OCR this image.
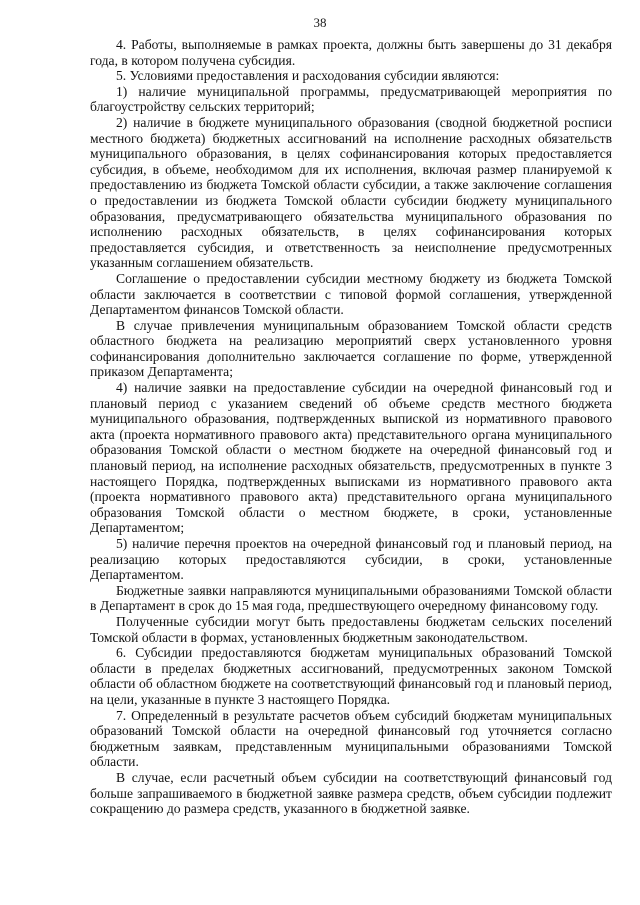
38

4. Работы, выполняемые в рамках проекта, должны быть завершены до 31 декабря года, в котором получена субсидия.

5. Условиями предоставления и расходования субсидии являются:

1) наличие муниципальной программы, предусматривающей мероприятия по благоустройству сельских территорий;

2) наличие в бюджете муниципального образования (сводной бюджетной росписи местного бюджета) бюджетных ассигнований на исполнение расходных обязательств муниципального образования, в целях софинансирования которых предоставляется субсидия, в объеме, необходимом для их исполнения, включая размер планируемой к предоставлению из бюджета Томской области субсидии, а также заключение соглашения о предоставлении из бюджета Томской области субсидии бюджету муниципального образования, предусматривающего обязательства муниципального образования по исполнению расходных обязательств, в целях софинансирования которых предоставляется субсидия, и ответственность за неисполнение предусмотренных указанным соглашением обязательств.

Соглашение о предоставлении субсидии местному бюджету из бюджета Томской области заключается в соответствии с типовой формой соглашения, утвержденной Департаментом финансов Томской области.

В случае привлечения муниципальным образованием Томской области средств областного бюджета на реализацию мероприятий сверх установленного уровня софинансирования дополнительно заключается соглашение по форме, утвержденной приказом Департамента;

4) наличие заявки на предоставление субсидии на очередной финансовый год и плановый период с указанием сведений об объеме средств местного бюджета муниципального образования, подтвержденных выпиской из нормативного правового акта (проекта нормативного правового акта) представительного органа муниципального образования Томской области о местном бюджете на очередной финансовый год и плановый период, на исполнение расходных обязательств, предусмотренных в пункте 3 настоящего Порядка, подтвержденных выписками из нормативного правового акта (проекта нормативного правового акта) представительного органа муниципального образования Томской области о местном бюджете, в сроки, установленные Департаментом;

5) наличие перечня проектов на очередной финансовый год и плановый период, на реализацию которых предоставляются субсидии, в сроки, установленные Департаментом.

Бюджетные заявки направляются муниципальными образованиями Томской области в Департамент в срок до 15 мая года, предшествующего очередному финансовому году.

Полученные субсидии могут быть предоставлены бюджетам сельских поселений Томской области в формах, установленных бюджетным законодательством.

6. Субсидии предоставляются бюджетам муниципальных образований Томской области в пределах бюджетных ассигнований, предусмотренных законом Томской области об областном бюджете на соответствующий финансовый год и плановый период, на цели, указанные в пункте 3 настоящего Порядка.

7. Определенный в результате расчетов объем субсидий бюджетам муниципальных образований Томской области на очередной финансовый год уточняется согласно бюджетным заявкам, представленным муниципальными образованиями Томской области.

В случае, если расчетный объем субсидии на соответствующий финансовый год больше запрашиваемого в бюджетной заявке размера средств, объем субсидии подлежит сокращению до размера средств, указанного в бюджетной заявке.
